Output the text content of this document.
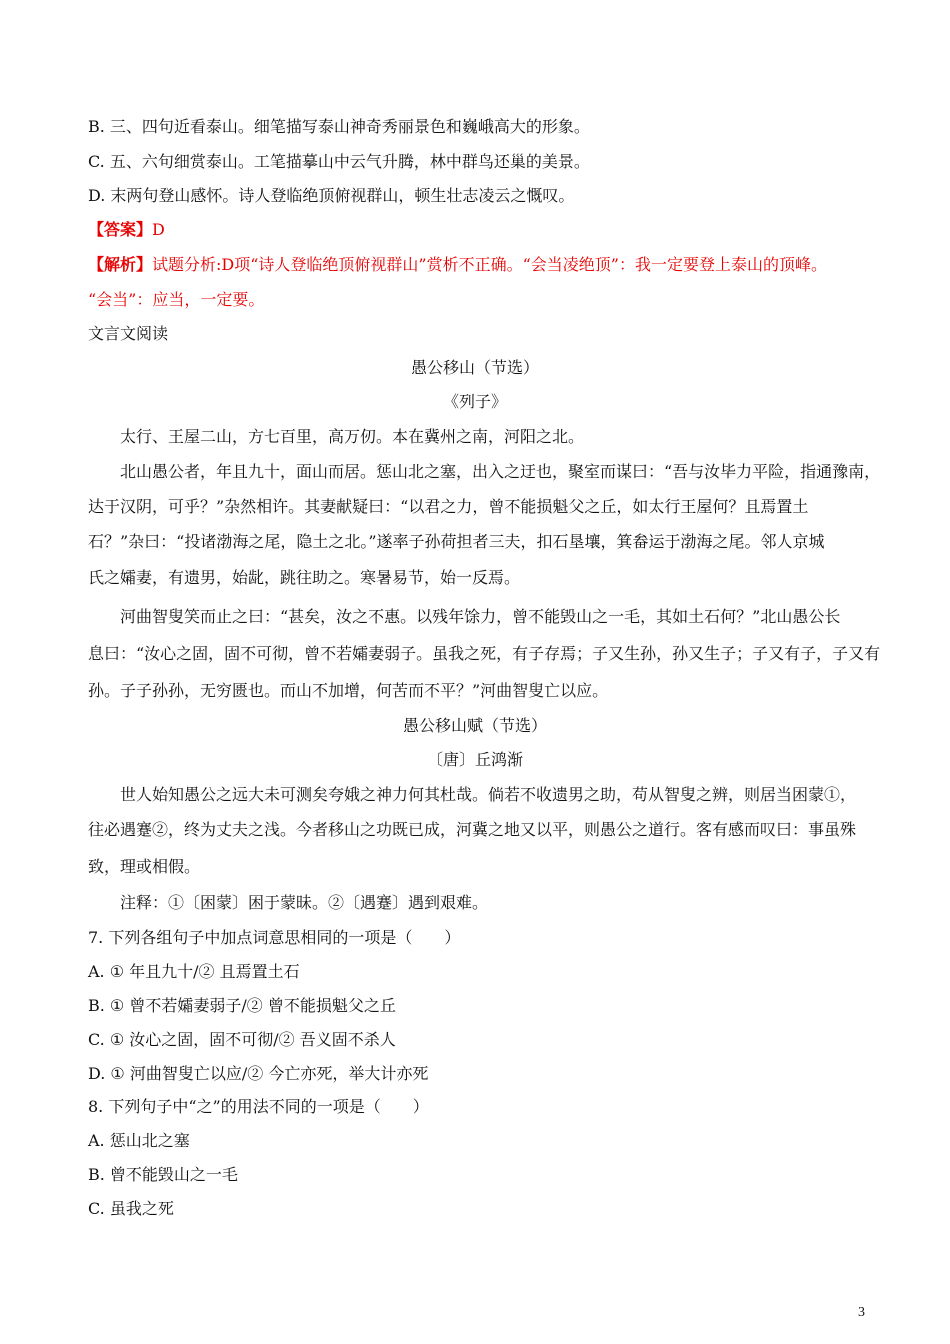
B. 三、四句近看泰山。细笔描写泰山神奇秀丽景色和巍峨高大的形象。
C. 五、六句细赏泰山。工笔描摹山中云气升腾，林中群鸟还巢的美景。
D. 末两句登山感怀。诗人登临绝顶俯视群山，顿生壮志凌云之慨叹。
【答案】D
【解析】试题分析:D项“诗人登临绝顶俯视群山”赏析不正确。“会当凌绝顶”：我一定要登上泰山的顶峰。
“会当”：应当，一定要。
文言文阅读
愚公移山（节选）
《列子》
太行、王屋二山，方七百里，高万仞。本在冀州之南，河阳之北。
北山愚公者，年且九十，面山而居。惩山北之塞，出入之迂也，聚室而谋曰：“吾与汝毕力平险，指通豫南，
达于汉阴，可乎？”杂然相许。其妻献疑曰：“以君之力，曾不能损魁父之丘，如太行王屋何？且焉置土
石？”杂曰：“投诸渤海之尾，隐土之北。”遂率子孙荷担者三夫，扣石垦壤，箕畚运于渤海之尾。邻人京城
氏之孀妻，有遗男，始龀，跳往助之。寒暑易节，始一反焉。
河曲智叟笑而止之曰：“甚矣，汝之不惠。以残年馀力，曾不能毁山之一毛，其如土石何？”北山愚公长
息曰：“汝心之固，固不可彻，曾不若孀妻弱子。虽我之死，有子存焉；子又生孙，孙又生子；子又有子，子又有
孙。子子孙孙，无穷匮也。而山不加增，何苦而不平？”河曲智叟亡以应。
愚公移山赋（节选）
〔唐〕丘鸿渐
世人始知愚公之远大未可测矣夸娥之神力何其杜哉。倘若不收遗男之助，苟从智叟之辨，则居当困蒙①，
往必遇蹇②，终为丈夫之浅。今者移山之功既已成，河冀之地又以平，则愚公之道行。客有感而叹曰：事虽殊
致，理或相假。
注释：①〔困蒙〕困于蒙昧。②〔遇蹇〕遇到艰难。
7. 下列各组句子中加点词意思相同的一项是（　　）
A. ① 年且九十/② 且焉置土石
B. ① 曾不若孀妻弱子/② 曾不能损魁父之丘
C. ① 汝心之固，固不可彻/② 吾义固不杀人
D. ① 河曲智叟亡以应/② 今亡亦死，举大计亦死
8. 下列句子中“之”的用法不同的一项是（　　）
A. 惩山北之塞
B. 曾不能毁山之一毛
C. 虽我之死
3
